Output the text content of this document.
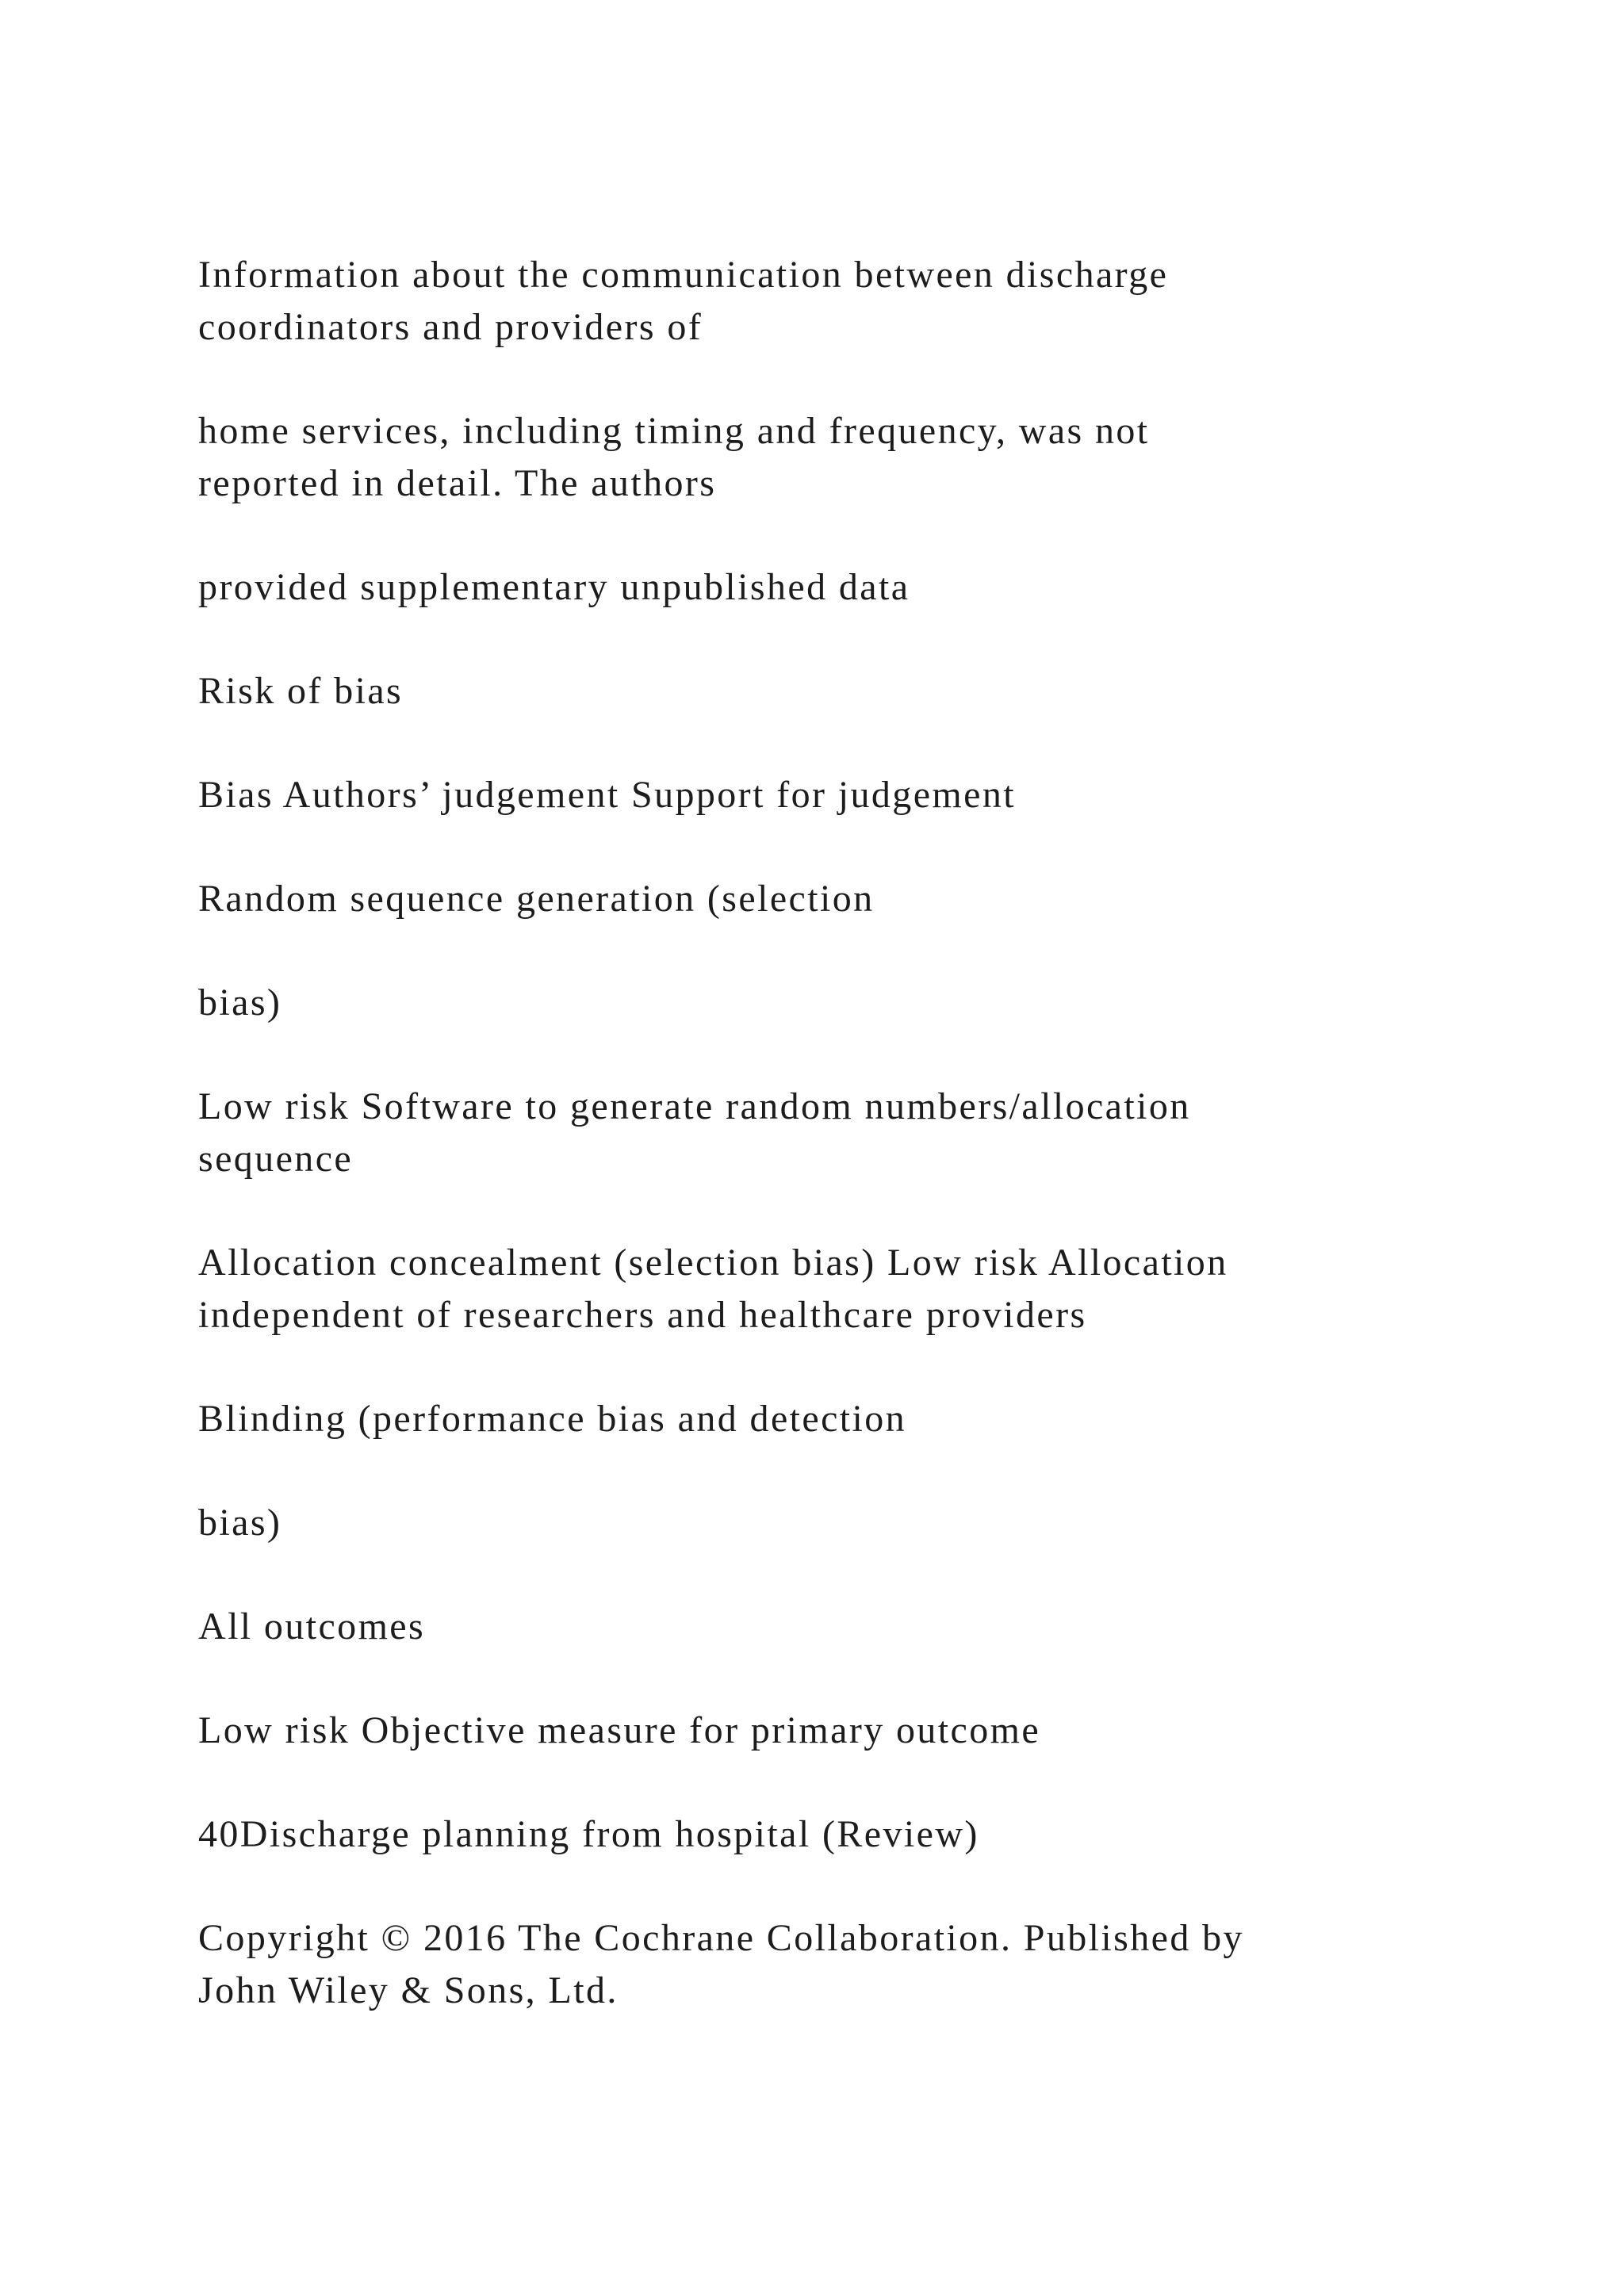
Information about the communication between discharge
coordinators and providers of

home services, including timing and frequency, was not
reported in detail. The authors

provided supplementary unpublished data

Risk of bias

Bias Authors’ judgement Support for judgement

Random sequence generation (selection

bias)

Low risk Software to generate random numbers/allocation
sequence

Allocation concealment (selection bias) Low risk Allocation
independent of researchers and healthcare providers

Blinding (performance bias and detection

bias)

All outcomes

Low risk Objective measure for primary outcome

40Discharge planning from hospital (Review)

Copyright © 2016 The Cochrane Collaboration. Published by
John Wiley & Sons, Ltd.
